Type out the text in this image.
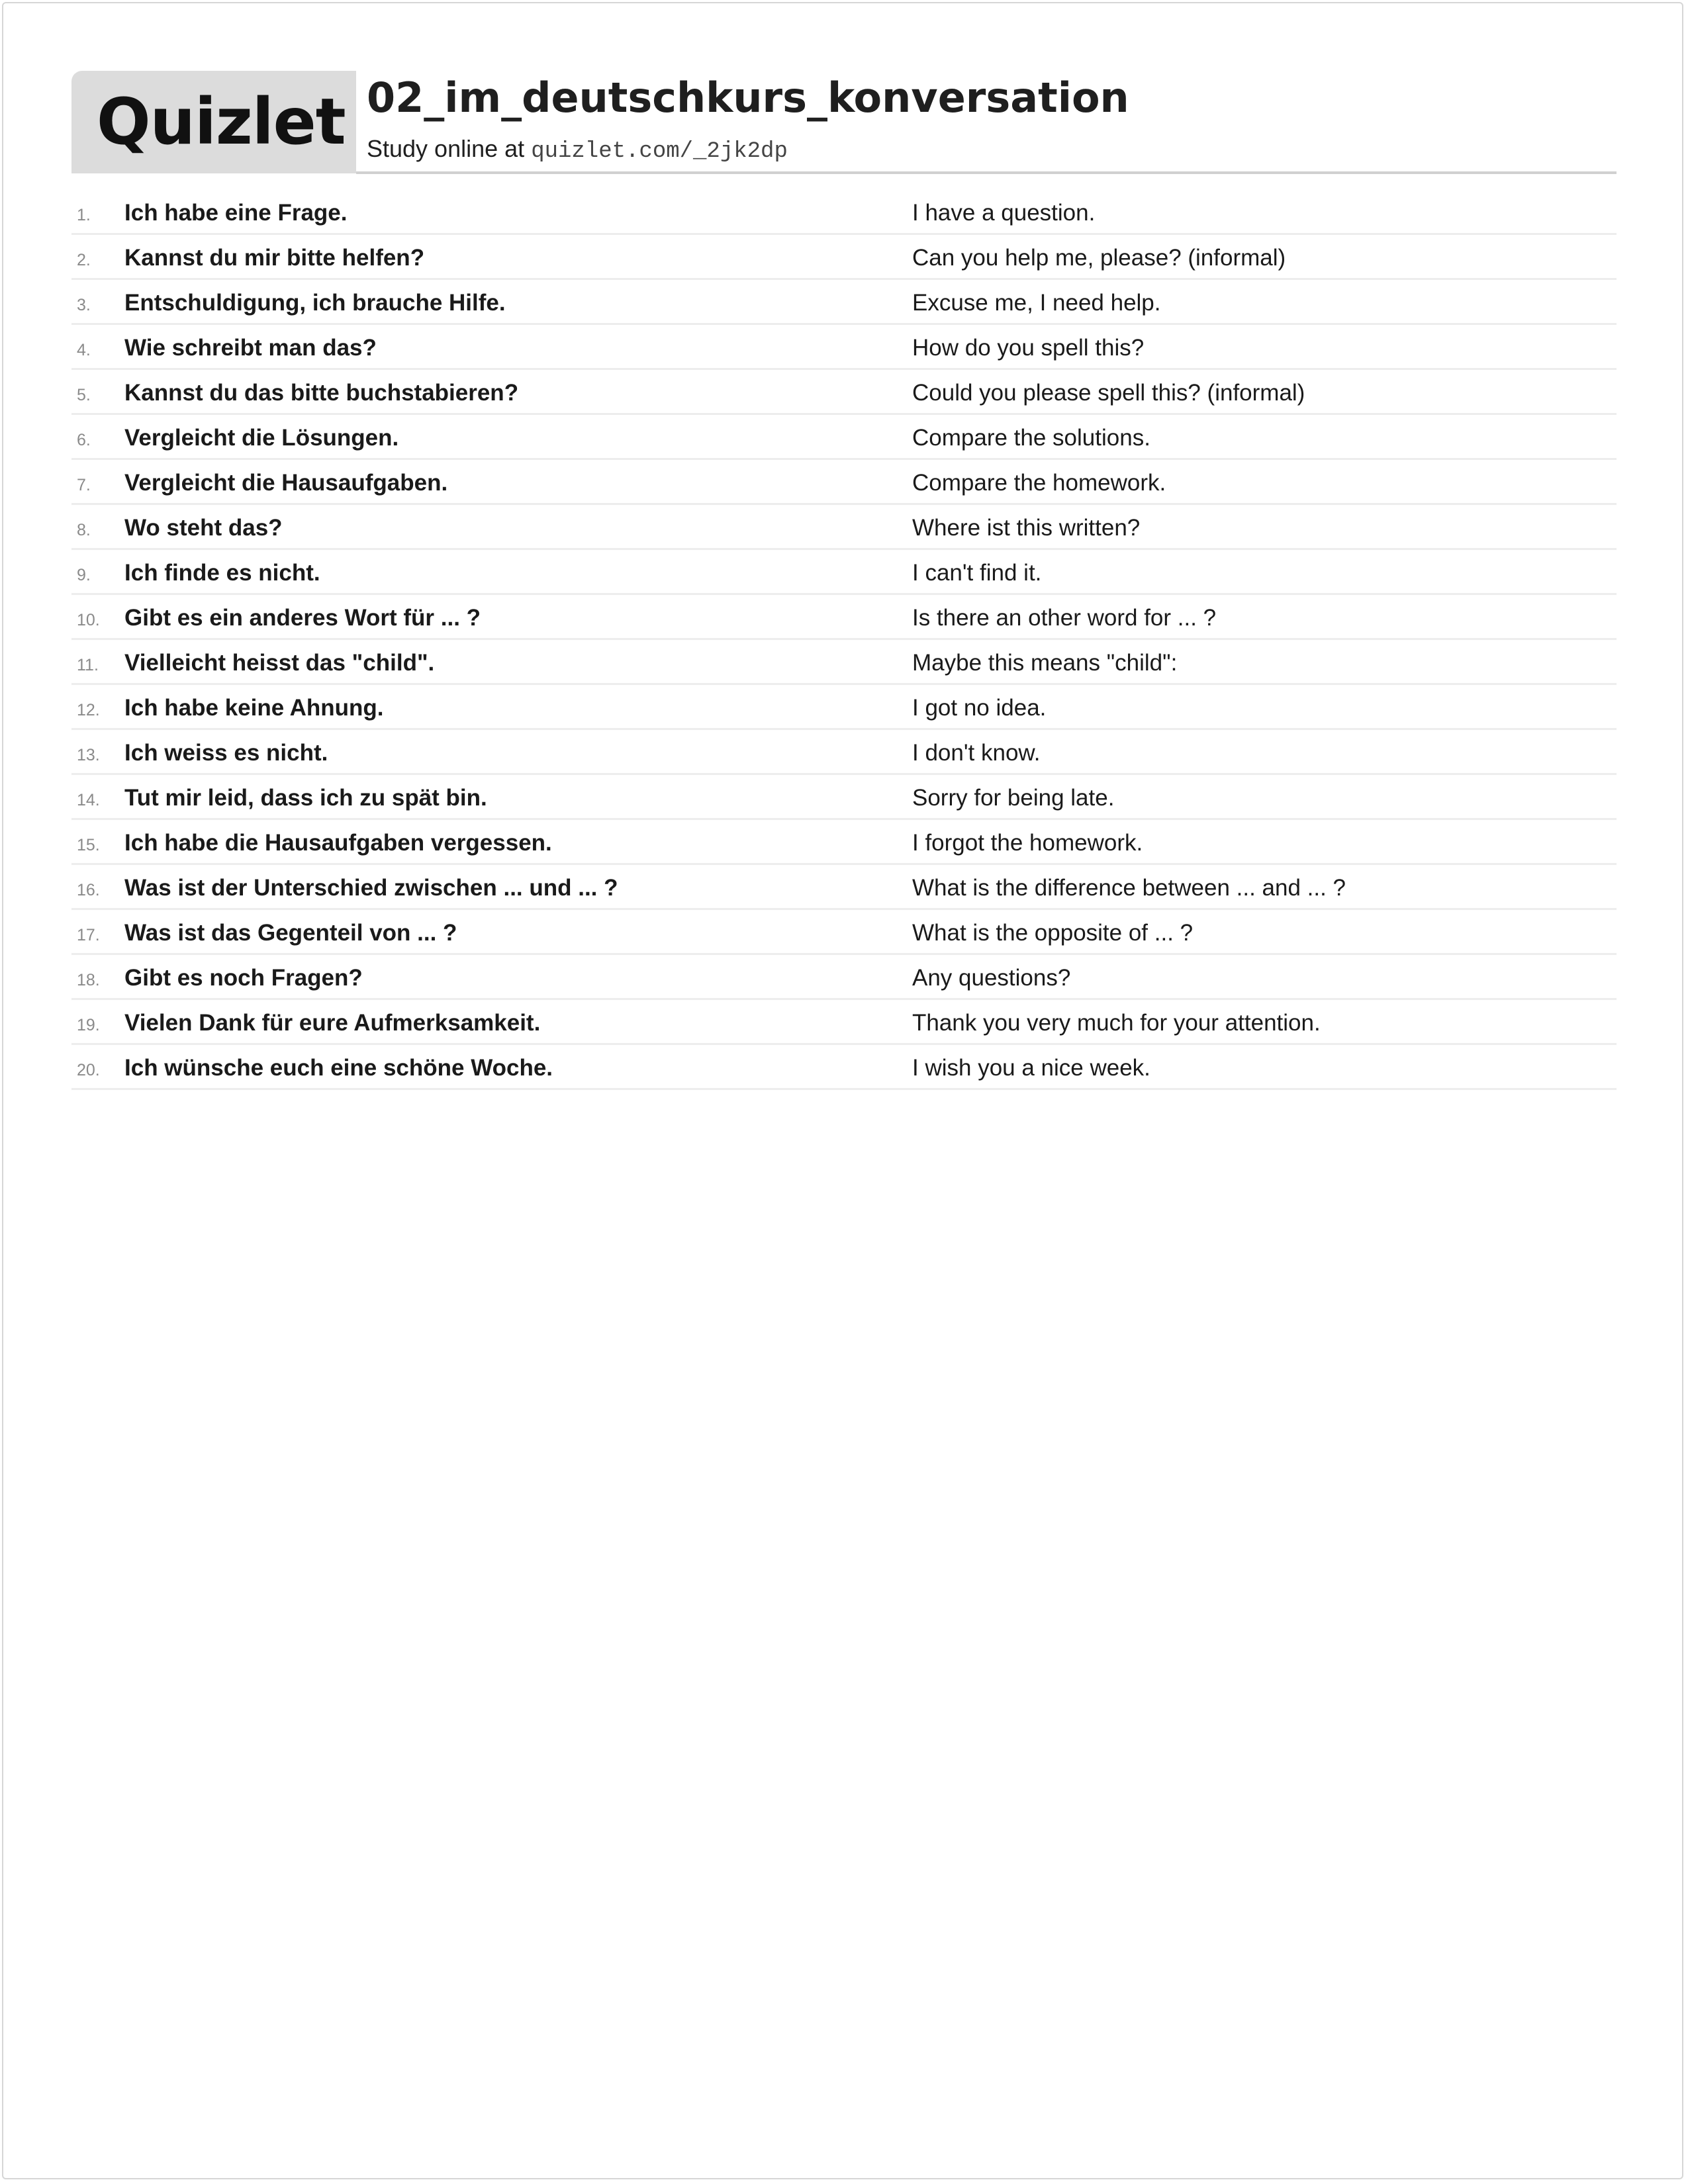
Quizlet 02_im_deutschkurs_konversation
Study online at quizlet.com/_2jk2dp
1. Ich habe eine Frage.	I have a question.
2. Kannst du mir bitte helfen?	Can you help me, please? (informal)
3. Entschuldigung, ich brauche Hilfe.	Excuse me, I need help.
4. Wie schreibt man das?	How do you spell this?
5. Kannst du das bitte buchstabieren?	Could you please spell this? (informal)
6. Vergleicht die Lösungen.	Compare the solutions.
7. Vergleicht die Hausaufgaben.	Compare the homework.
8. Wo steht das?	Where ist this written?
9. Ich finde es nicht.	I can't find it.
10. Gibt es ein anderes Wort für ... ?	Is there an other word for ... ?
11. Vielleicht heisst das "child".	Maybe this means "child":
12. Ich habe keine Ahnung.	I got no idea.
13. Ich weiss es nicht.	I don't know.
14. Tut mir leid, dass ich zu spät bin.	Sorry for being late.
15. Ich habe die Hausaufgaben vergessen.	I forgot the homework.
16. Was ist der Unterschied zwischen ... und ... ?	What is the difference between ... and ... ?
17. Was ist das Gegenteil von ... ?	What is the opposite of ... ?
18. Gibt es noch Fragen?	Any questions?
19. Vielen Dank für eure Aufmerksamkeit.	Thank you very much for your attention.
20. Ich wünsche euch eine schöne Woche.	I wish you a nice week.
